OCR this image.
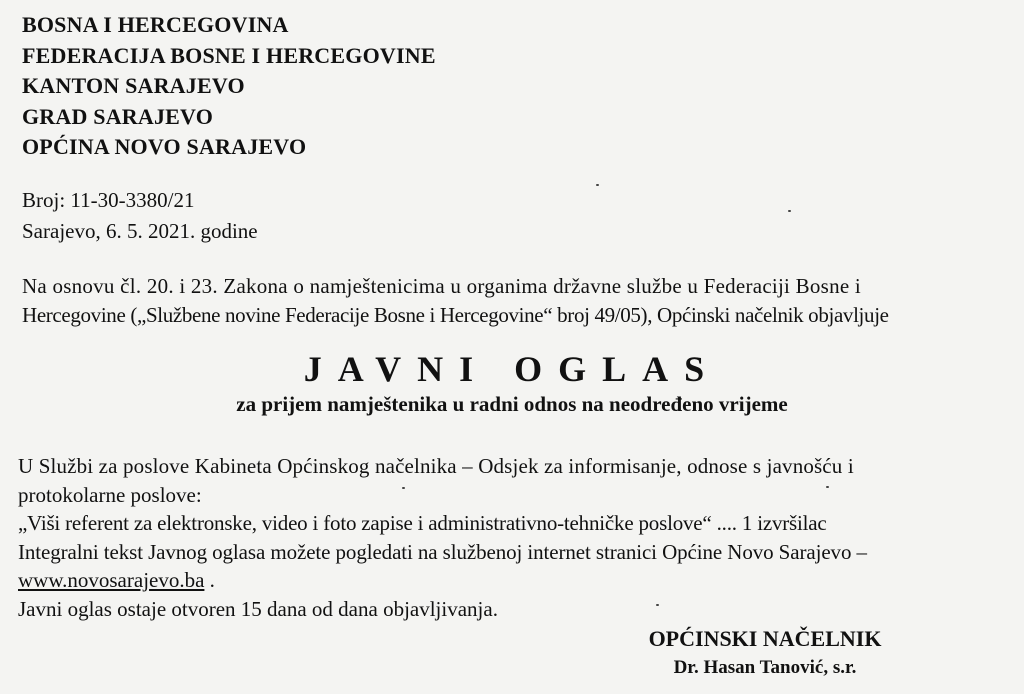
BOSNA I HERCEGOVINA
FEDERACIJA BOSNE I HERCEGOVINE
KANTON SARAJEVO
GRAD SARAJEVO
OPĆINA NOVO SARAJEVO
Broj: 11-30-3380/21
Sarajevo, 6. 5. 2021. godine
Na osnovu čl. 20. i 23. Zakona o namještenicima u organima državne službe u Federaciji Bosne i
Hercegovine („Službene novine Federacije Bosne i Hercegovine“ broj 49/05), Općinski načelnik objavljuje
JAVNI OGLAS
za prijem namještenika u radni odnos na neodređeno vrijeme
U Službi za poslove Kabineta Općinskog načelnika – Odsjek za informisanje, odnose s javnošću i
protokolarne poslove:
„Viši referent za elektronske, video i foto zapise i administrativno-tehničke poslove“ .... 1 izvršilac
Integralni tekst Javnog oglasa možete pogledati na službenoj internet stranici Općine Novo Sarajevo –
www.novosarajevo.ba .
Javni oglas ostaje otvoren 15 dana od dana objavljivanja.
OPĆINSKI NAČELNIK
Dr. Hasan Tanović, s.r.
